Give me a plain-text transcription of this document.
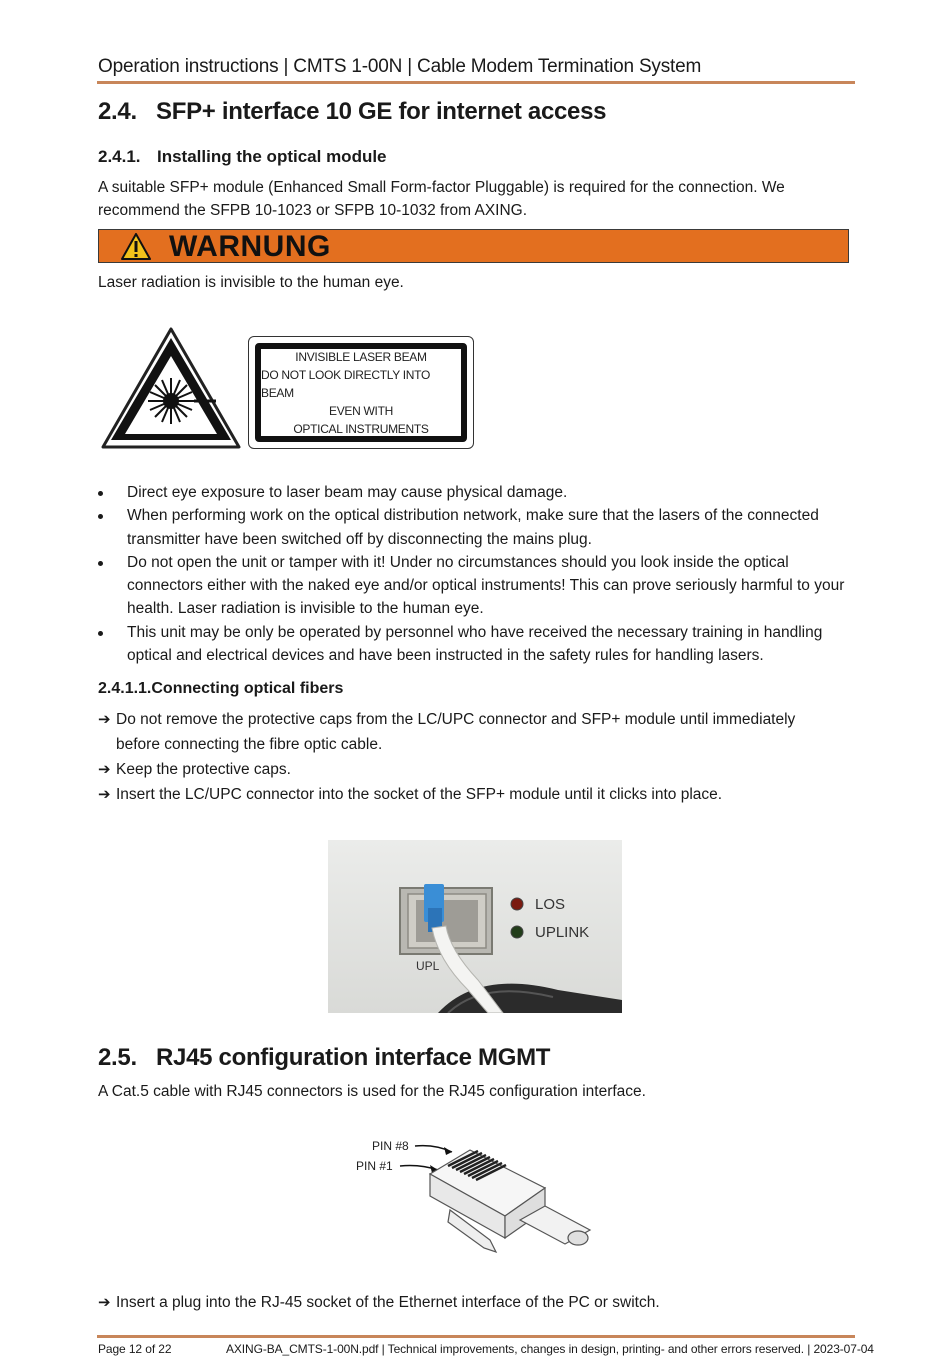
Operation instructions | CMTS 1-00N | Cable Modem Termination System
2.4. SFP+ interface 10 GE for internet access
2.4.1. Installing the optical module
A suitable SFP+ module (Enhanced Small Form-factor Pluggable) is required for the connection. We recommend the SFPB 10-1023 or SFPB 10-1032 from AXING.
WARNUNG
Laser radiation is invisible to the human eye.
INVISIBLE LASER BEAM
DO NOT LOOK DIRECTLY INTO BEAM
EVEN WITH
OPTICAL INSTRUMENTS
Direct eye exposure to laser beam may cause physical damage.
When performing work on the optical distribution network, make sure that the lasers of the connected transmitter have been switched off by disconnecting the mains plug.
Do not open the unit or tamper with it! Under no circumstances should you look inside the optical connectors either with the naked eye and/or optical instruments! This can prove seriously harmful to your health. Laser radiation is invisible to the human eye.
This unit may be only be operated by personnel who have received the necessary training in handling optical and electrical devices and have been instructed in the safety rules for handling lasers.
2.4.1.1.Connecting optical fibers
➔ Do not remove the protective caps from the LC/UPC connector and SFP+ module until immediately before connecting the fibre optic cable.
➔ Keep the protective caps.
➔ Insert the LC/UPC connector into the socket of the SFP+ module until it clicks into place.
UPL
LOS
UPLINK
2.5. RJ45 configuration interface MGMT
A Cat.5 cable with RJ45 connectors is used for the RJ45 configuration interface.
PIN #8
PIN #1
➔ Insert a plug into the RJ-45 socket of the Ethernet interface of the PC or switch.
Page 12 of 22	AXING-BA_CMTS-1-00N.pdf | Technical improvements, changes in design, printing- and other errors reserved. | 2023-07-04
